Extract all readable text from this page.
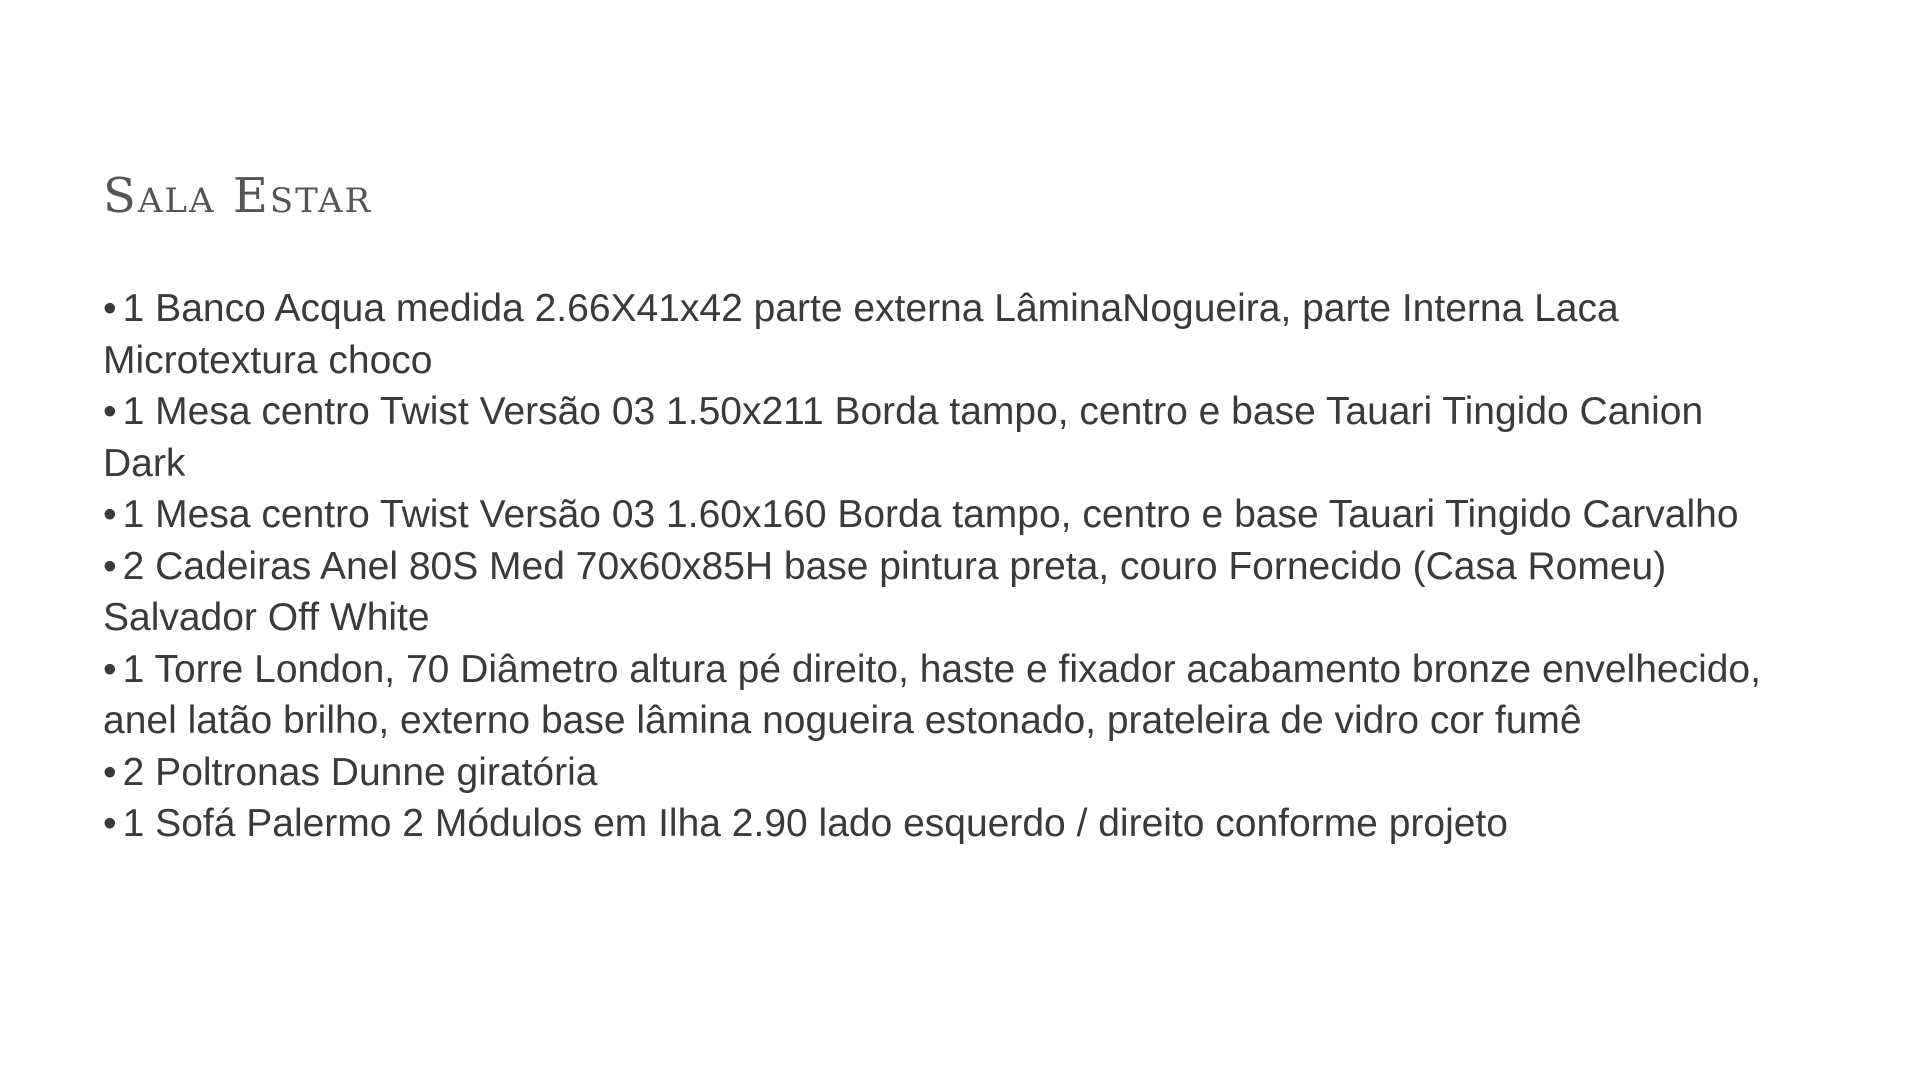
Sala Estar
• 1 Banco Acqua medida 2.66X41x42 parte externa LâminaNogueira, parte Interna Laca Microtextura choco
• 1 Mesa centro Twist Versão 03 1.50x211 Borda tampo, centro e base Tauari Tingido Canion Dark
• 1 Mesa centro Twist Versão 03 1.60x160 Borda tampo, centro e base Tauari Tingido Carvalho
• 2 Cadeiras Anel 80S Med 70x60x85H base pintura preta, couro Fornecido (Casa Romeu) Salvador Off White
• 1 Torre London, 70 Diâmetro altura pé direito, haste e fixador acabamento bronze envelhecido, anel latão brilho, externo base lâmina nogueira estonado, prateleira de vidro cor fumê
• 2 Poltronas Dunne giratória
• 1 Sofá Palermo 2 Módulos em Ilha 2.90 lado esquerdo / direito conforme projeto
